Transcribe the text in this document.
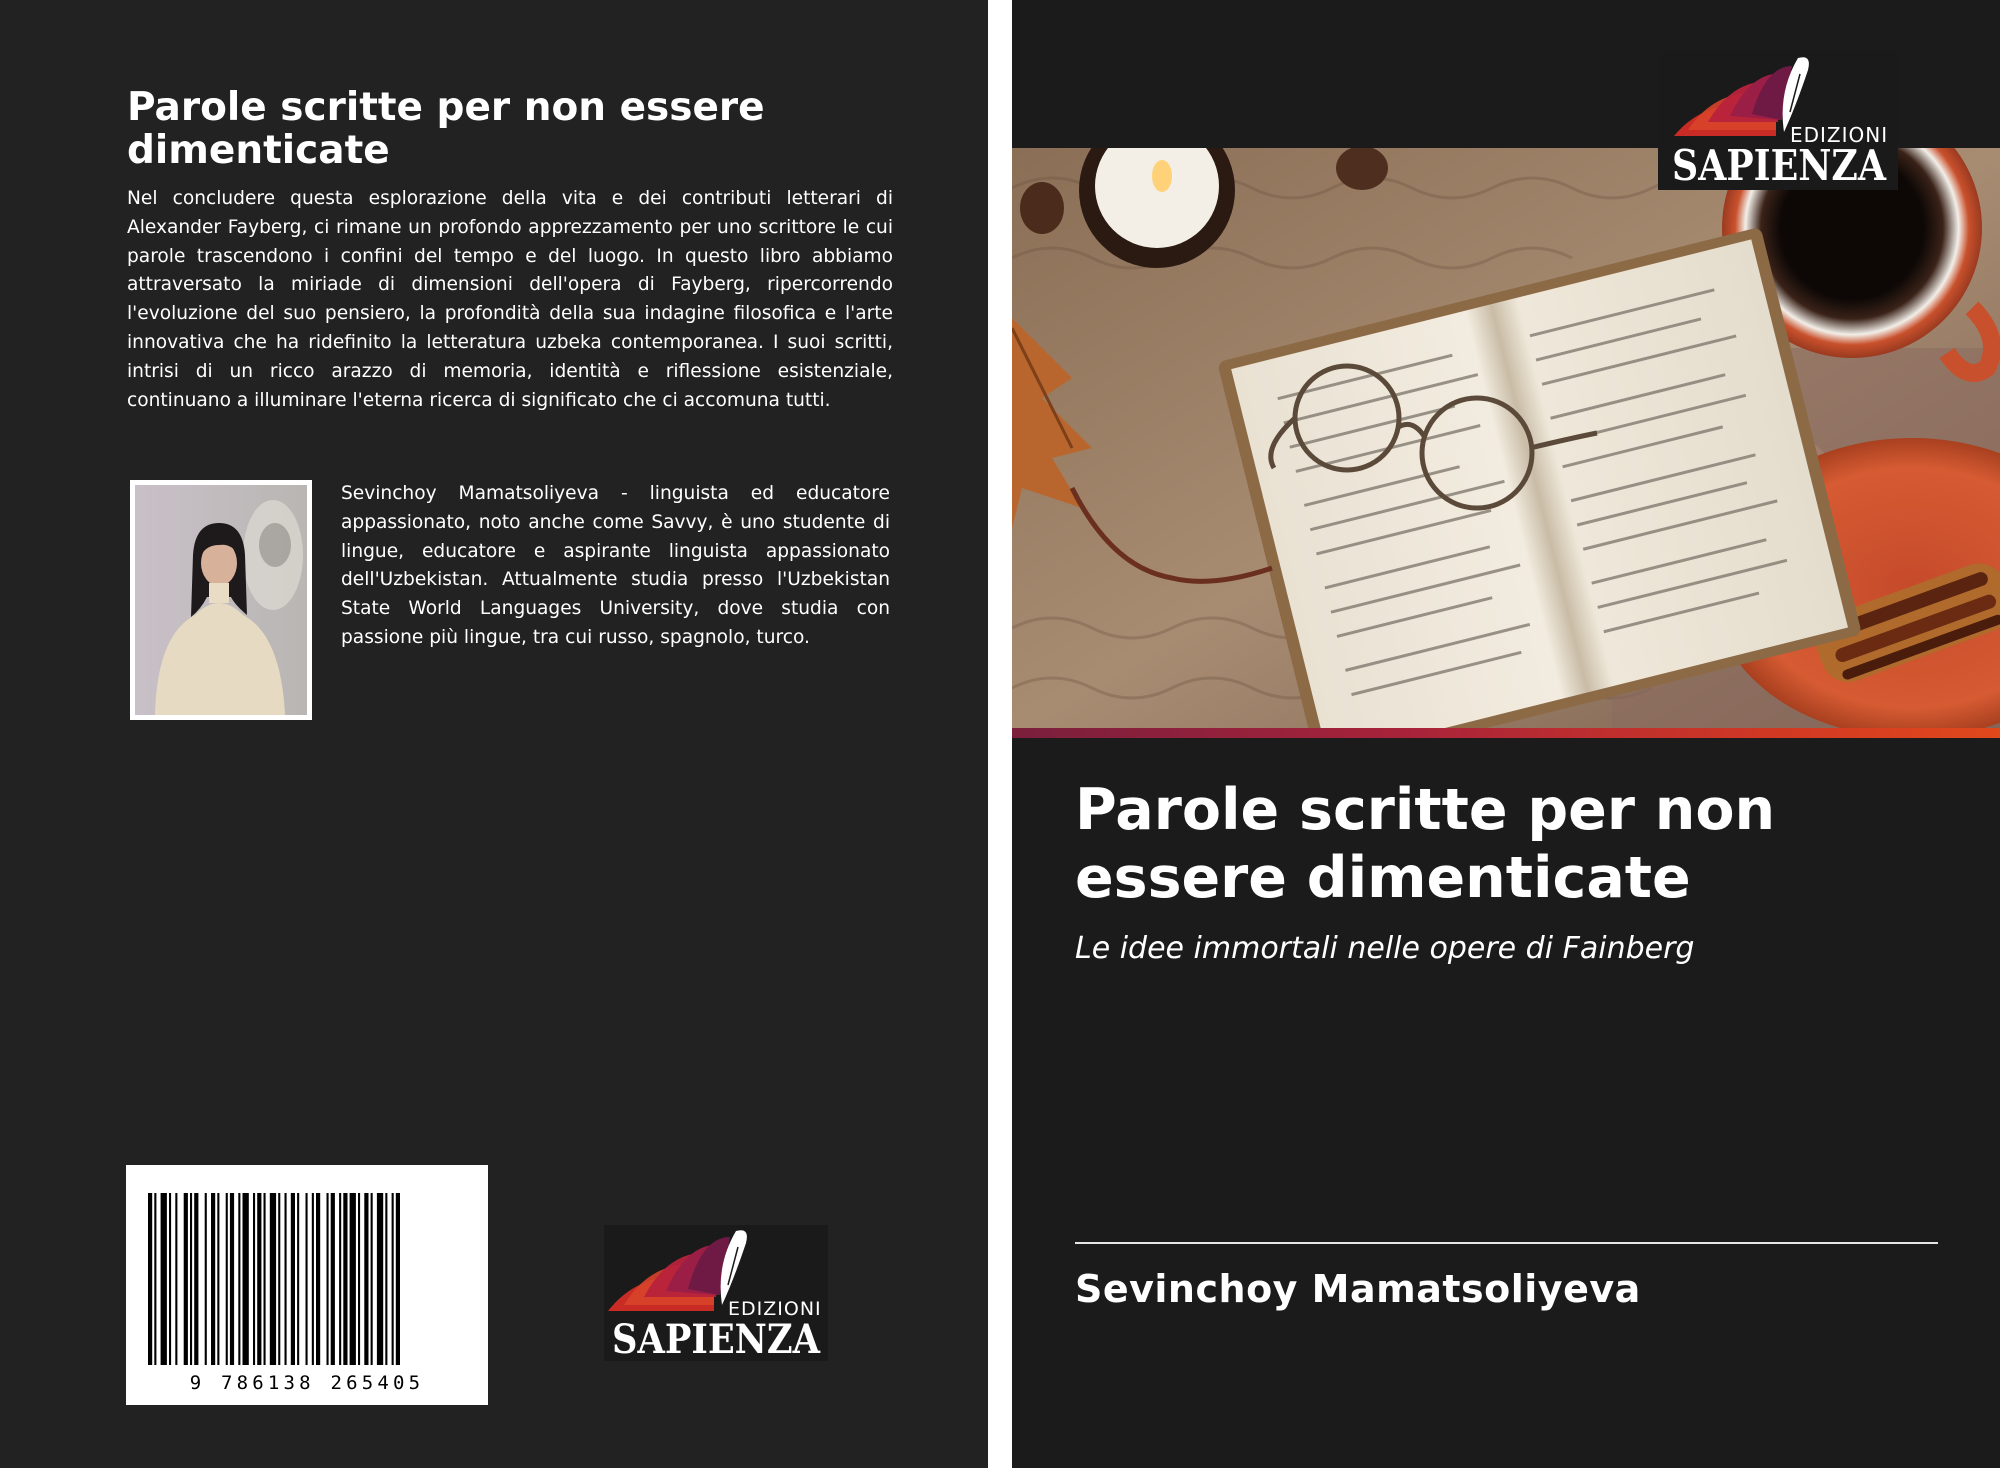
Parole scritte per non essere dimenticate

Nel concludere questa esplorazione della vita e dei contributi letterari di Alexander Fayberg, ci rimane un profondo apprezzamento per uno scrittore le cui parole trascendono i confini del tempo e del luogo. In questo libro abbiamo attraversato la miriade di dimensioni dell'opera di Fayberg, ripercorrendo l'evoluzione del suo pensiero, la profondità della sua indagine filosofica e l'arte innovativa che ha ridefinito la letteratura uzbeka contemporanea. I suoi scritti, intrisi di un ricco arazzo di memoria, identità e riflessione esistenziale, continuano a illuminare l'eterna ricerca di significato che ci accomuna tutti.

Sevinchoy Mamatsoliyeva - linguista ed educatore appassionato, noto anche come Savvy, è uno studente di lingue, educatore e aspirante linguista appassionato dell'Uzbekistan. Attualmente studia presso l'Uzbekistan State World Languages University, dove studia con passione più lingue, tra cui russo, spagnolo, turco.

9 786138 265405
EDIZIONI
SAPIENZA
EDIZIONI
SAPIENZA
Parole scritte per non essere dimenticate

Le idee immortali nelle opere di Fainberg

Sevinchoy Mamatsoliyeva
